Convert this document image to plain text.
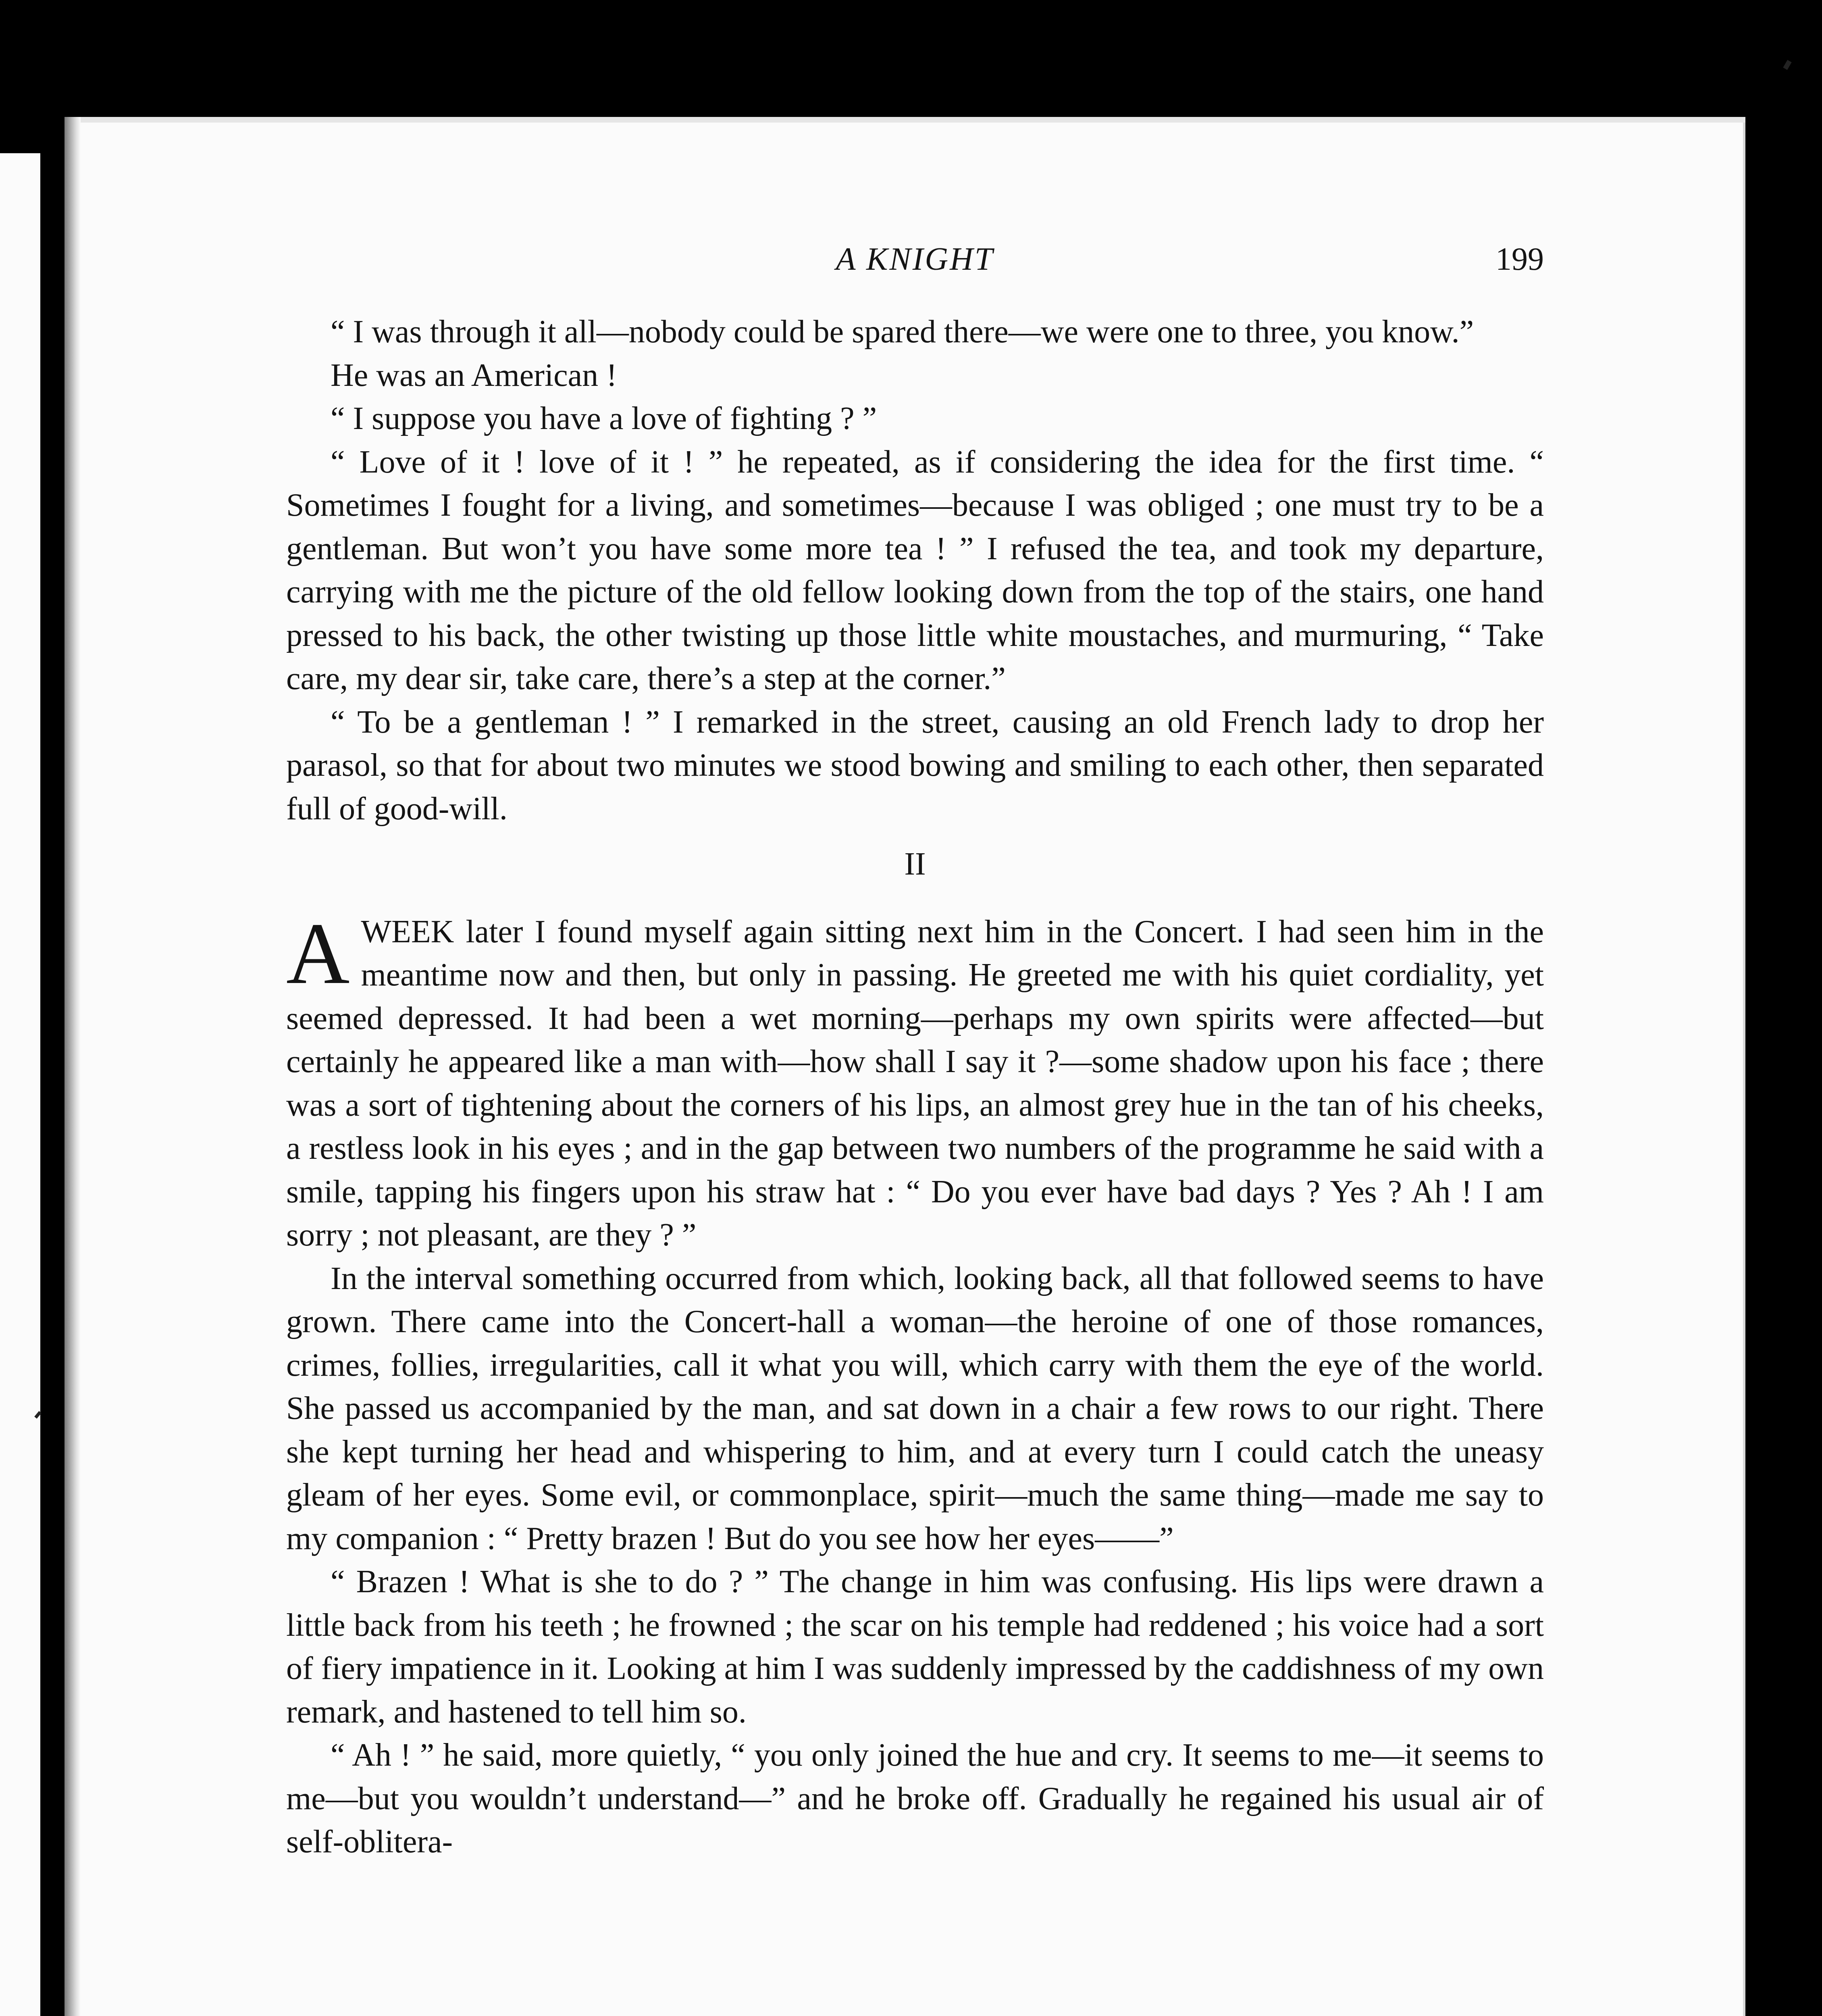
A KNIGHT	199

“ I was through it all—nobody could be spared there—we were one to three, you know.”

He was an American !

“ I suppose you have a love of fighting ? ”

“ Love of it ! love of it ! ” he repeated, as if considering the idea for the first time. “ Sometimes I fought for a living, and sometimes—because I was obliged ; one must try to be a gentleman. But won’t you have some more tea ! ” I refused the tea, and took my departure, carrying with me the picture of the old fellow looking down from the top of the stairs, one hand pressed to his back, the other twisting up those little white moustaches, and murmuring, “ Take care, my dear sir, take care, there’s a step at the corner.”

“ To be a gentleman ! ” I remarked in the street, causing an old French lady to drop her parasol, so that for about two minutes we stood bowing and smiling to each other, then separated full of good-will.

II

AWEEK later I found myself again sitting next him in the Concert. I had seen him in the meantime now and then, but only in passing. He greeted me with his quiet cordiality, yet seemed depressed. It had been a wet morning—perhaps my own spirits were affected—but certainly he appeared like a man with—how shall I say it ?—some shadow upon his face ; there was a sort of tightening about the corners of his lips, an almost grey hue in the tan of his cheeks, a restless look in his eyes ; and in the gap between two numbers of the programme he said with a smile, tapping his fingers upon his straw hat : “ Do you ever have bad days ? Yes ? Ah ! I am sorry ; not pleasant, are they ? ”

In the interval something occurred from which, looking back, all that followed seems to have grown. There came into the Concert-hall a woman—the heroine of one of those romances, crimes, follies, irregularities, call it what you will, which carry with them the eye of the world. She passed us accompanied by the man, and sat down in a chair a few rows to our right. There she kept turning her head and whispering to him, and at every turn I could catch the uneasy gleam of her eyes. Some evil, or commonplace, spirit—much the same thing—made me say to my companion : “ Pretty brazen ! But do you see how her eyes——”

“ Brazen ! What is she to do ? ” The change in him was confusing. His lips were drawn a little back from his teeth ; he frowned ; the scar on his temple had reddened ; his voice had a sort of fiery impatience in it. Looking at him I was suddenly impressed by the caddishness of my own remark, and hastened to tell him so.

“ Ah ! ” he said, more quietly, “ you only joined the hue and cry. It seems to me—it seems to me—but you wouldn’t understand—” and he broke off. Gradually he regained his usual air of self-oblitera-
